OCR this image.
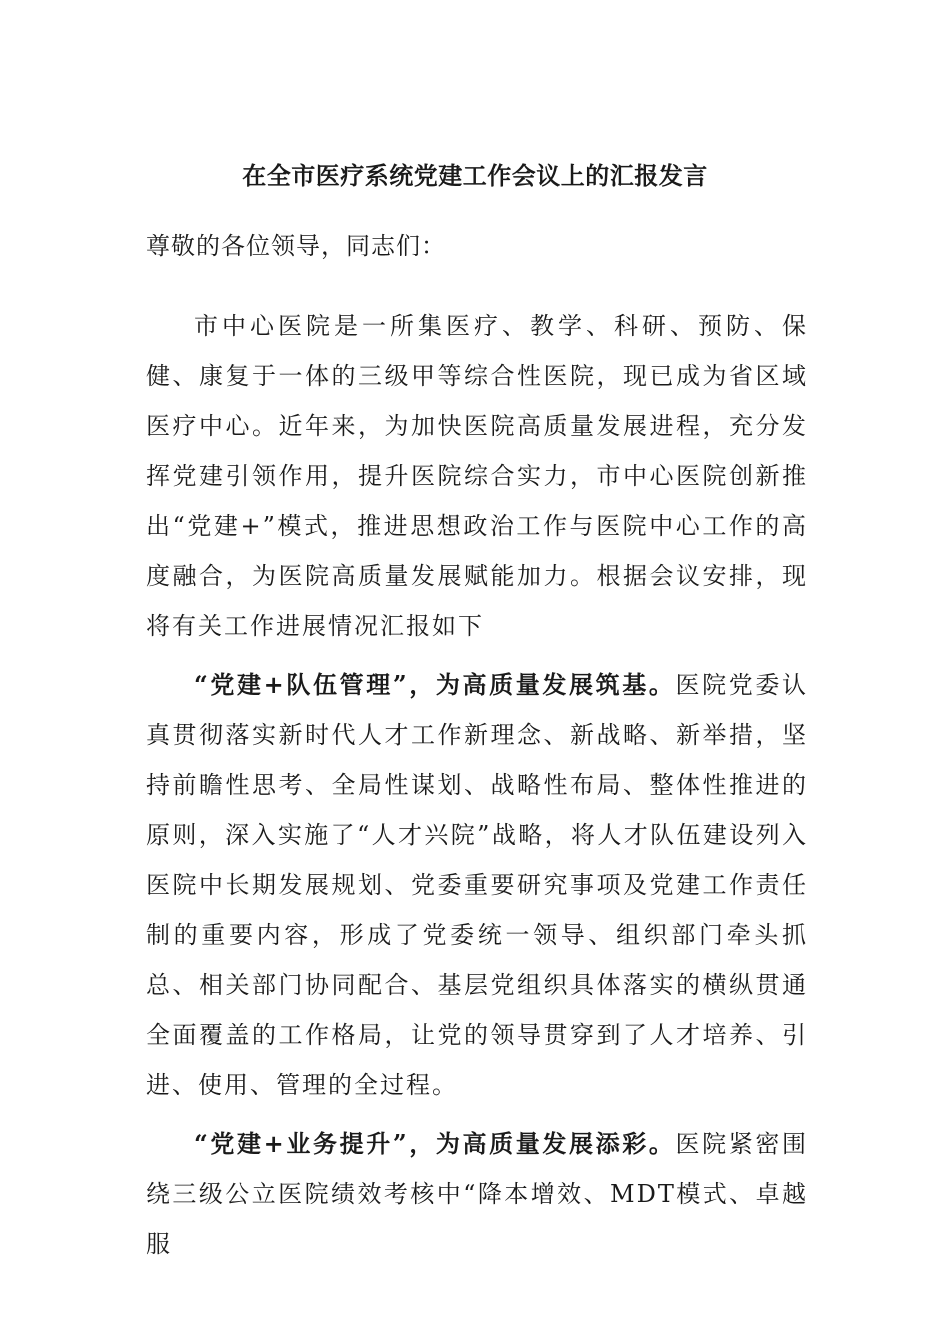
在全市医疗系统党建工作会议上的汇报发言

尊敬的各位领导，同志们：

市中心医院是一所集医疗、教学、科研、预防、保健、康复于一体的三级甲等综合性医院，现已成为省区域医疗中心。近年来，为加快医院高质量发展进程，充分发挥党建引领作用，提升医院综合实力，市中心医院创新推出“党建+”模式，推进思想政治工作与医院中心工作的高度融合，为医院高质量发展赋能加力。根据会议安排，现将有关工作进展情况汇报如下

“党建+队伍管理”，为高质量发展筑基。医院党委认真贯彻落实新时代人才工作新理念、新战略、新举措，坚持前瞻性思考、全局性谋划、战略性布局、整体性推进的原则，深入实施了“人才兴院”战略，将人才队伍建设列入医院中长期发展规划、党委重要研究事项及党建工作责任制的重要内容，形成了党委统一领导、组织部门牵头抓总、相关部门协同配合、基层党组织具体落实的横纵贯通全面覆盖的工作格局，让党的领导贯穿到了人才培养、引进、使用、管理的全过程。

“党建+业务提升”，为高质量发展添彩。医院紧密围绕三级公立医院绩效考核中“降本增效、MDT模式、卓越服
